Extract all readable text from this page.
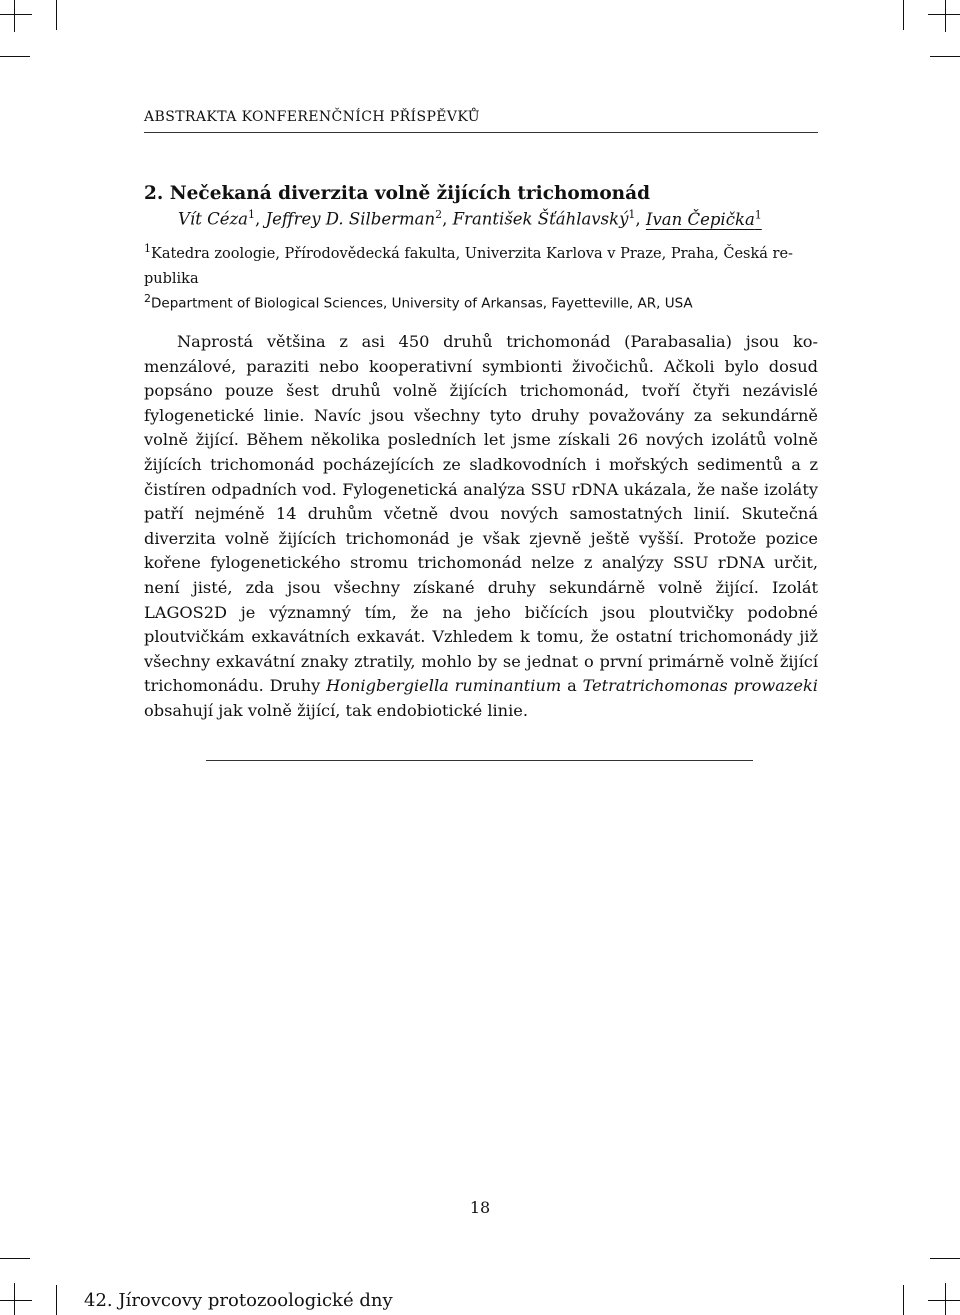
ABSTRAKTA KONFERENČNÍCH PŘÍSPĚVKŮ
2. Nečekaná diverzita volně žijících trichomonád
Vít Céza$^1$, Jeffrey D. Silberman$^2$, František Šťáhlavský$^1$, Ivan Čepička$^1$
$^1$Katedra zoologie, Přírodovědecká fakulta, Univerzita Karlova v Praze, Praha, Česká re-
publika
$^2$Department of Biological Sciences, University of Arkansas, Fayetteville, AR, USA

Naprostá většina z asi 450 druhů trichomonád (Parabasalia) jsou komenzálové, paraziti nebo kooperativní symbionti živočichů. Ačkoli bylo dosud popsáno pouze šest druhů volně žijících trichomonád, tvoří čtyři nezávislé fylogenetické linie. Navíc jsou všechny tyto druhy považovány za sekundárně volně žijící. Během několika posledních let jsme získali 26 nových izolátů volně žijících trichomonád pocházejících ze sladkovodních i mořských sedimentů a z čistíren odpadních vod. Fylogenetická analýza SSU rDNA ukázala, že naše izoláty patří nejméně 14 druhům včetně dvou nových samostatných linií. Skutečná diverzita volně žijících trichomonád je však zjevně ještě vyšší. Protože pozice kořene fylogenetického stromu trichomonád nelze z analýzy SSU rDNA určit, není jisté, zda jsou všechny získané druhy sekundárně volně žijící. Izolát LAGOS2D je významný tím, že na jeho bičících jsou ploutvičky podobné ploutvičkám exkavátních exkavát. Vzhledem k tomu, že ostatní trichomonády již všechny exkavátní znaky ztratily, mohlo by se jednat o první primárně volně žijící trichomonádu. Druhy Honigbergiella ruminantium a Tetratrichomonas prowazeki obsahují jak volně žijící, tak endobiotické linie.

18
42. Jírovcovy protozoologické dny
